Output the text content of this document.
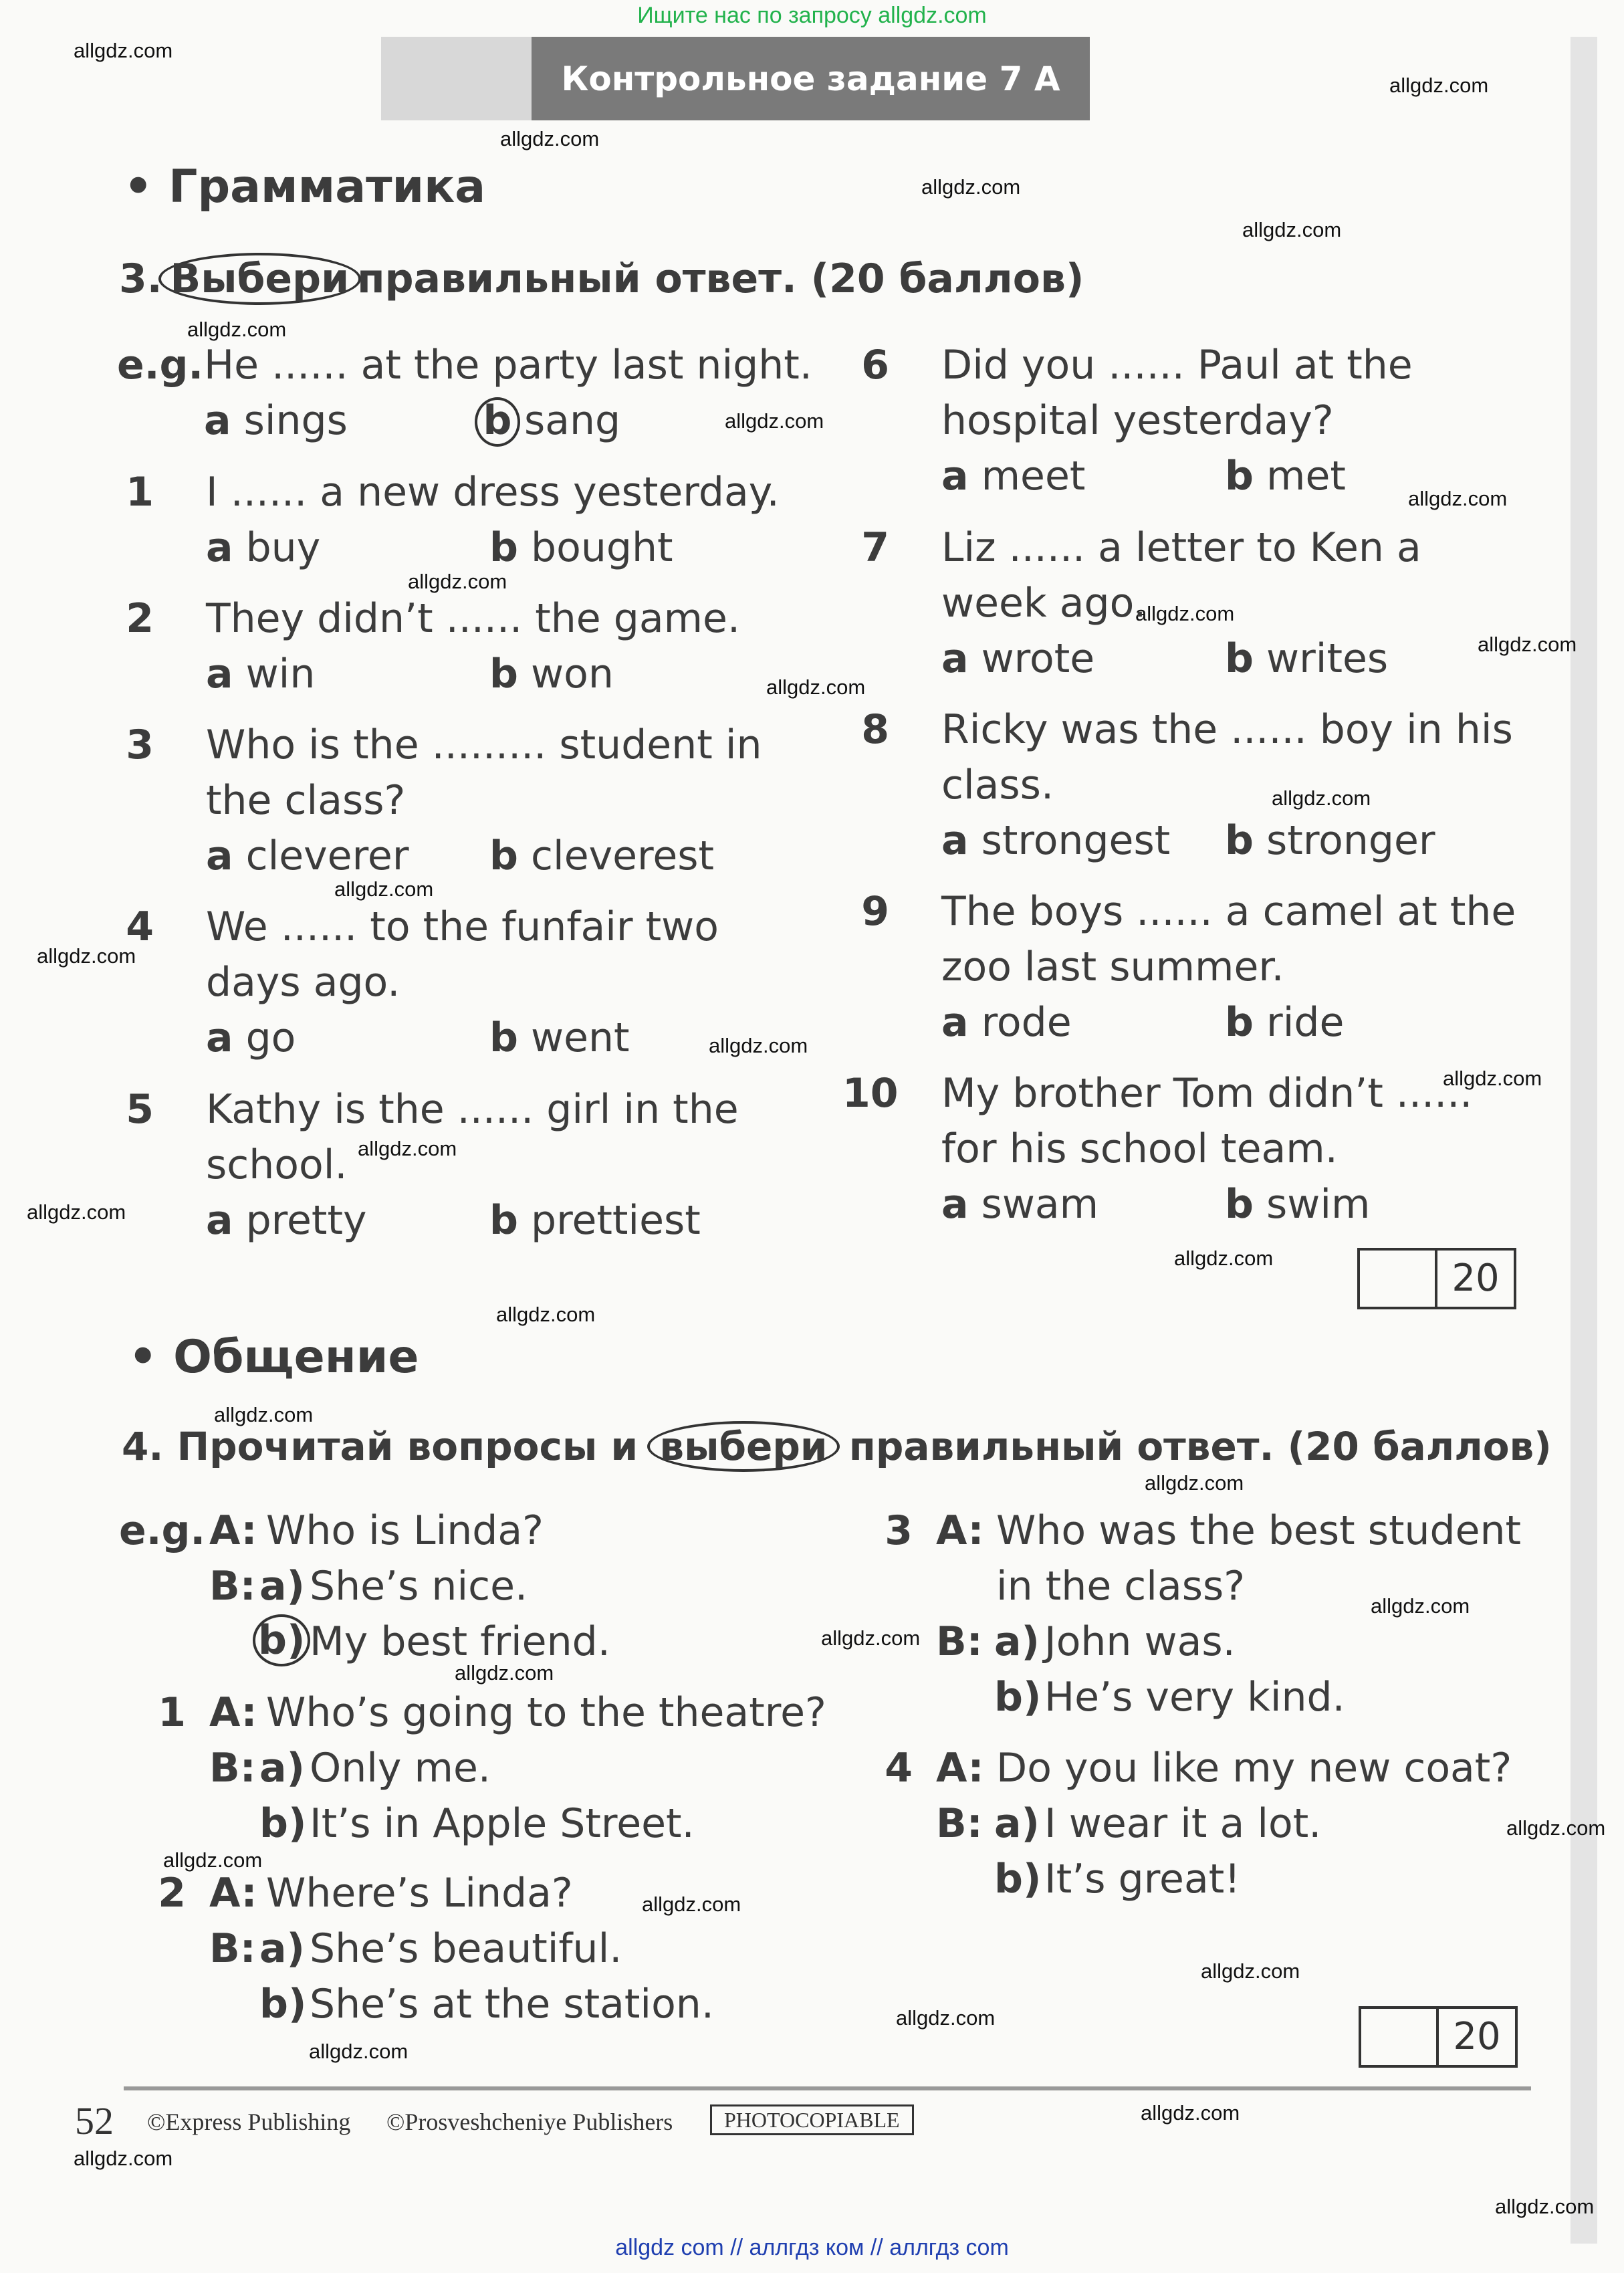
Ищите нас по запросу allgdz.com
Контрольное задание 7 А
allgdz.com
allgdz.com
allgdz.com
allgdz.com
allgdz.com
allgdz.com
allgdz.com
allgdz.com
allgdz.com
allgdz.com
allgdz.com
allgdz.com
allgdz.com
allgdz.com
allgdz.com
allgdz.com
allgdz.com
allgdz.com
allgdz.com
allgdz.com
allgdz.com
allgdz.com
allgdz.com
allgdz.com
allgdz.com
allgdz.com
allgdz.com
allgdz.com
allgdz.com
allgdz.com
allgdz.com
allgdz.com
allgdz.com
allgdz.com
allgdz.com
• Грамматика
3. Выбери правильный ответ. (20 баллов)
e.g. He ...... at the party last night.
a sings	b sang
1 I ...... a new dress yesterday.
a buy	b bought
2 They didn’t ...... the game.
a win	b won
3 Who is the ......... student in
the class?
a cleverer b cleverest
4 We ...... to the funfair two
days ago.
a go	b went
5 Kathy is the ...... girl in the
school.
a pretty	b prettiest
6 Did you ...... Paul at the
hospital yesterday?
a meet	b met
7 Liz ...... a letter to Ken a
week ago.
a wrote	b writes
8 Ricky was the ...... boy in his
class.
a strongest b stronger
9 The boys ...... a camel at the
zoo last summer.
a rode	b ride
10 My brother Tom didn’t ......
for his school team.
a swam	b swim
20
• Общение
4. Прочитай вопросы и выбери правильный ответ. (20 баллов)
e.g. A: Who is Linda?
B: a) She’s nice.
b) My best friend.
1 A: Who’s going to the theatre?
B: a) Only me.
b) It’s in Apple Street.
2 A: Where’s Linda?
B: a) She’s beautiful.
b) She’s at the station.
3 A: Who was the best student
in the class?
B: a) John was.
b) He’s very kind.
4 A: Do you like my new coat?
B: a) I wear it a lot.
b) It’s great!
20
52 ©Express Publishing ©Prosveshcheniye Publishers	PHOTOCOPIABLE
allgdz com // аллгдз ком // аллгдз com
